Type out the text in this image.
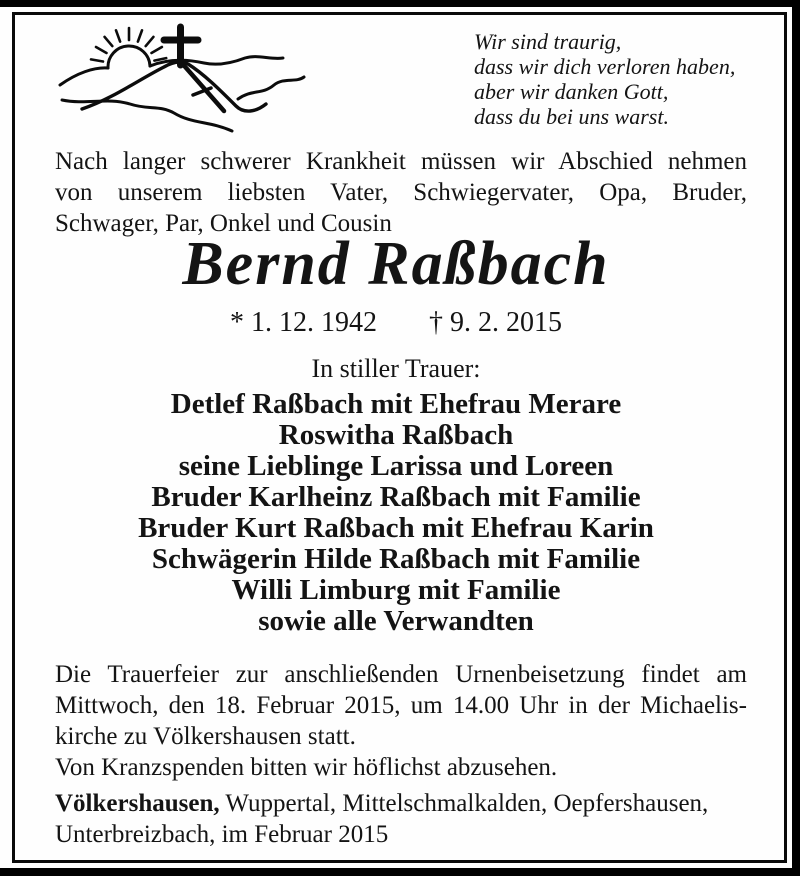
Wir sind traurig,
dass wir dich verloren haben,
aber wir danken Gott,
dass du bei uns warst.
Nach langer schwerer Krankheit müssen wir Abschied nehmen
von unserem liebsten Vater, Schwiegervater, Opa, Bruder,
Schwager, Par, Onkel und Cousin
Bernd Raßbach
* 1. 12. 1942 † 9. 2. 2015
In stiller Trauer:
Detlef Raßbach mit Ehefrau Merare
Roswitha Raßbach
seine Lieblinge Larissa und Loreen
Bruder Karlheinz Raßbach mit Familie
Bruder Kurt Raßbach mit Ehefrau Karin
Schwägerin Hilde Raßbach mit Familie
Willi Limburg mit Familie
sowie alle Verwandten
Die Trauerfeier zur anschließenden Urnenbeisetzung findet am
Mittwoch, den 18. Februar 2015, um 14.00 Uhr in der Michaelis-
kirche zu Völkershausen statt.
Von Kranzspenden bitten wir höflichst abzusehen.
Völkershausen, Wuppertal, Mittelschmalkalden, Oepfershausen,
Unterbreizbach, im Februar 2015
